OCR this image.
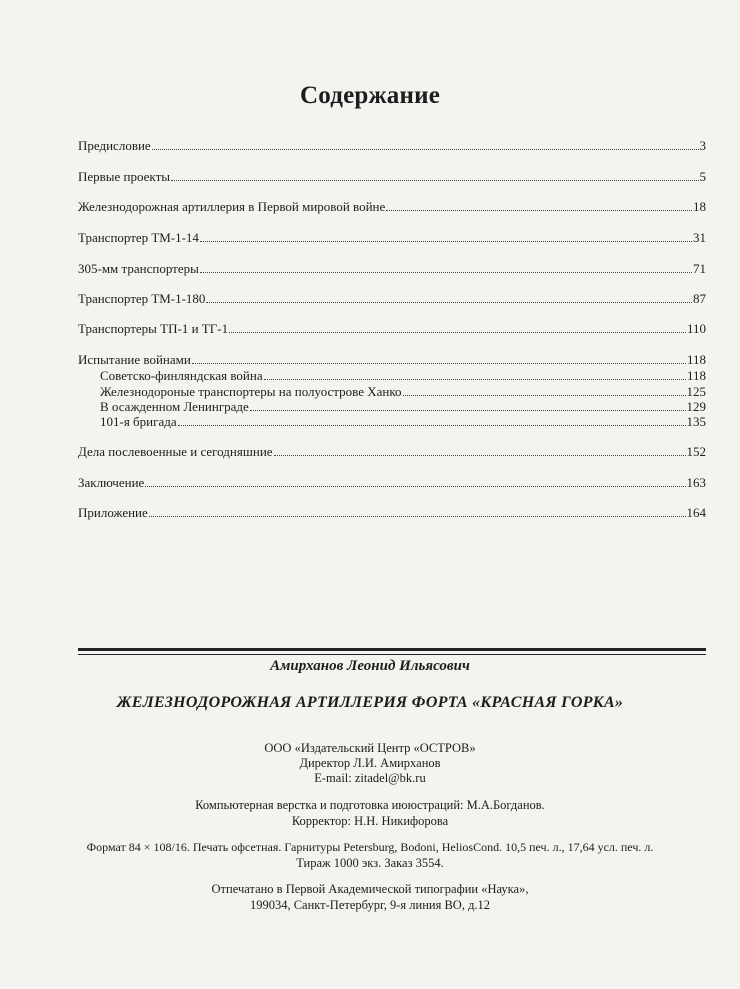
Содержание
Предисловие	3
Первые проекты	5
Железнодорожная артиллерия в Первой мировой войне	18
Транспортер ТМ-1-14	31
305-мм транспортеры	71
Транспортер ТМ-1-180	87
Транспортеры ТП-1 и ТГ-1	110
Испытание войнами	118
Советско-финляндская война	118
Железнодороные транспортеры на полуострове Ханко	125
В осажденном Ленинграде	129
101-я бригада	135
Дела послевоенные и сегодняшние	152
Заключение	163
Приложение	164
Амирханов Леонид Ильясович
ЖЕЛЕЗНОДОРОЖНАЯ АРТИЛЛЕРИЯ ФОРТА «КРАСНАЯ ГОРКА»
ООО «Издательский Центр «ОСТРОВ»
Директор Л.И. Амирханов
E-mail: zitadel@bk.ru
Компьютерная верстка и подготовка иююстраций: М.А.Богданов.
Корректор: Н.Н. Никифорова
Формат 84 × 108/16. Печать офсетная. Гарнитуры Petersburg, Bodoni, HeliosCond. 10,5 печ. л., 17,64 усл. печ. л.
Тираж 1000 экз. Заказ 3554.
Отпечатано в Первой Академической типографии «Наука»,
199034, Санкт-Петербург, 9-я линия ВО, д.12
